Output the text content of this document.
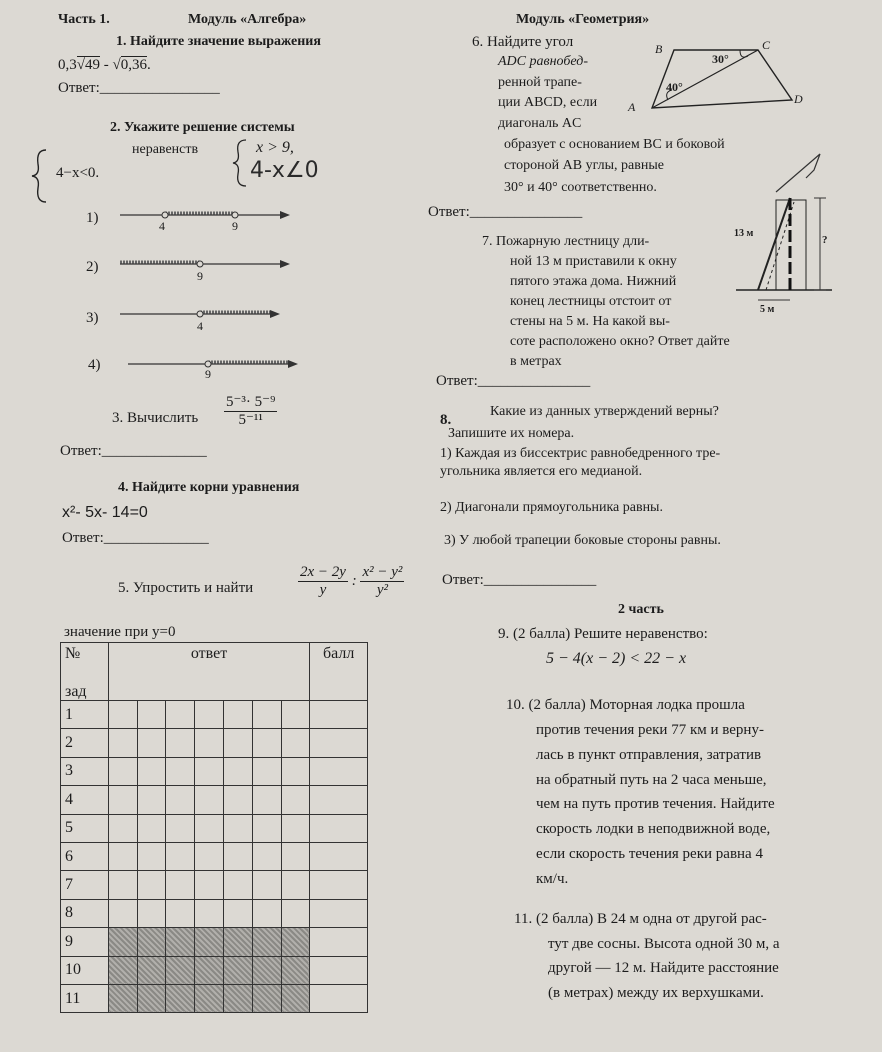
Часть 1.	Модуль «Алгебра»	Модуль «Геометрия»
1. Найдите значение выражения
0,3√49 - √0,36.
Ответ:________________
2. Укажите решение системы
неравенств	x > 9,
4-x∠0
4−x<0.
1)	4	9
2)
9
3)	4
4)
9
3. Вычислить $\frac{\text{5⁻³· 5⁻⁹}}{\text{5⁻¹¹}}$
Ответ:______________
4. Найдите корни уравнения
x²- 5x- 14=0
Ответ:______________
5. Упростить и найти	$\frac{2x - 2y}{y}$ : $\frac{\text{x² − y²}}{\text{y²}}$	Ответ:_______________
значение при y=0
№
зад	ответ							балл
1								
2								
3								
4								
5								
6								
7								
8								
9								
10								
11								
6. Найдите угол
ADC равнобед-
ренной трапе-
ции ABCD, если
диагональ AC
образует с основанием BC и боковой
стороной AB углы, равные
30° и 40° соответственно.
Ответ:_______________
A
B	C
D
30°
40°
7. Пожарную лестницу дли-
ной 13 м приставили к окну
пятого этажа дома. Нижний
конец лестницы отстоит от
стены на 5 м. На какой вы-
соте расположено окно? Ответ дайте
в метрах
Ответ:_______________
13 м
5 м
?
8.
Какие из данных утверждений верны?
Запишите их номера.
1) Каждая из биссектрис равнобедренного тре-
угольника является его медианой.
2) Диагонали прямоугольника равны.
3) У любой трапеции боковые стороны равны.
2 часть
9. (2 балла) Решите неравенство:
5 − 4(x − 2) < 22 − x
10. (2 балла) Моторная лодка прошла
против течения реки 77 км и верну-
лась в пункт отправления, затратив
на обратный путь на 2 часа меньше,
чем на путь против течения. Найдите
скорость лодки в неподвижной воде,
если скорость течения реки равна 4
км/ч.
11. (2 балла) В 24 м одна от другой рас-
тут две сосны. Высота одной 30 м, а
другой — 12 м. Найдите расстояние
(в метрах) между их верхушками.
